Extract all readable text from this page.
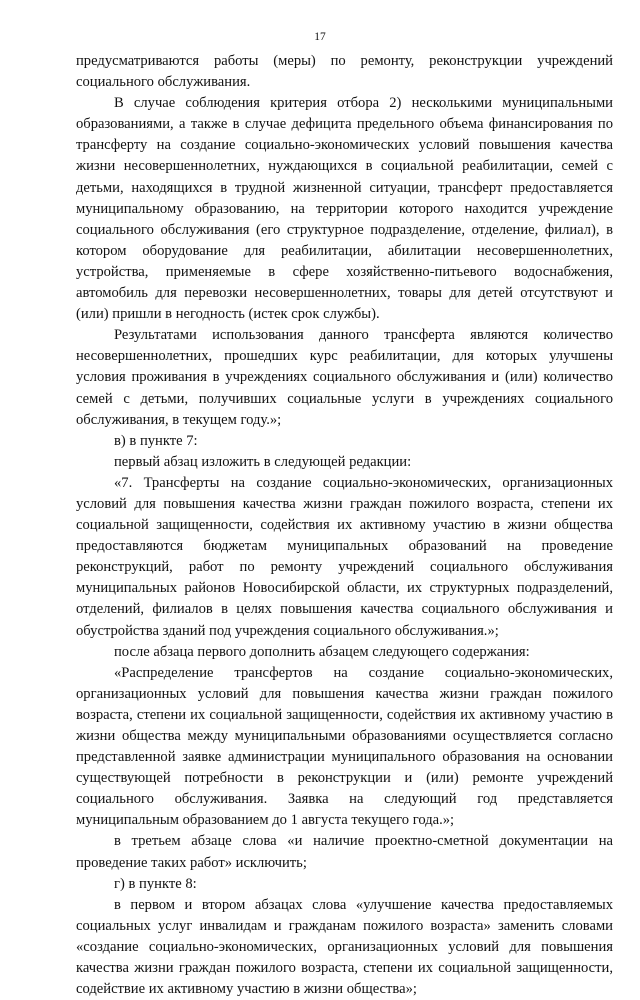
17

предусматриваются работы (меры) по ремонту, реконструкции учреждений социального обслуживания.

В случае соблюдения критерия отбора 2) несколькими муниципальными образованиями, а также в случае дефицита предельного объема финансирования по трансферту на создание социально-экономических условий повышения качества жизни несовершеннолетних, нуждающихся в социальной реабилитации, семей с детьми, находящихся в трудной жизненной ситуации, трансферт предоставляется муниципальному образованию, на территории которого находится учреждение социального обслуживания (его структурное подразделение, отделение, филиал), в котором оборудование для реабилитации, абилитации несовершеннолетних, устройства, применяемые в сфере хозяйственно-питьевого водоснабжения, автомобиль для перевозки несовершеннолетних, товары для детей отсутствуют и (или) пришли в негодность (истек срок службы).

Результатами использования данного трансферта являются количество несовершеннолетних, прошедших курс реабилитации, для которых улучшены условия проживания в учреждениях социального обслуживания и (или) количество семей с детьми, получивших социальные услуги в учреждениях социального обслуживания, в текущем году.»;

в) в пункте 7:

первый абзац изложить в следующей редакции:

«7. Трансферты на создание социально-экономических, организационных условий для повышения качества жизни граждан пожилого возраста, степени их социальной защищенности, содействия их активному участию в жизни общества предоставляются бюджетам муниципальных образований на проведение реконструкций, работ по ремонту учреждений социального обслуживания муниципальных районов Новосибирской области, их структурных подразделений, отделений, филиалов в целях повышения качества социального обслуживания и обустройства зданий под учреждения социального обслуживания.»;

после абзаца первого дополнить абзацем следующего содержания:

«Распределение трансфертов на создание социально-экономических, организационных условий для повышения качества жизни граждан пожилого возраста, степени их социальной защищенности, содействия их активному участию в жизни общества между муниципальными образованиями осуществляется согласно представленной заявке администрации муниципального образования на основании существующей потребности в реконструкции и (или) ремонте учреждений социального обслуживания. Заявка на следующий год представляется муниципальным образованием до 1 августа текущего года.»;

в третьем абзаце слова «и наличие проектно-сметной документации на проведение таких работ» исключить;

г) в пункте 8:

в первом и втором абзацах слова «улучшение качества предоставляемых социальных услуг инвалидам и гражданам пожилого возраста» заменить словами «создание социально-экономических, организационных условий для повышения качества жизни граждан пожилого возраста, степени их социальной защищенности, содействие их активному участию в жизни общества»;
